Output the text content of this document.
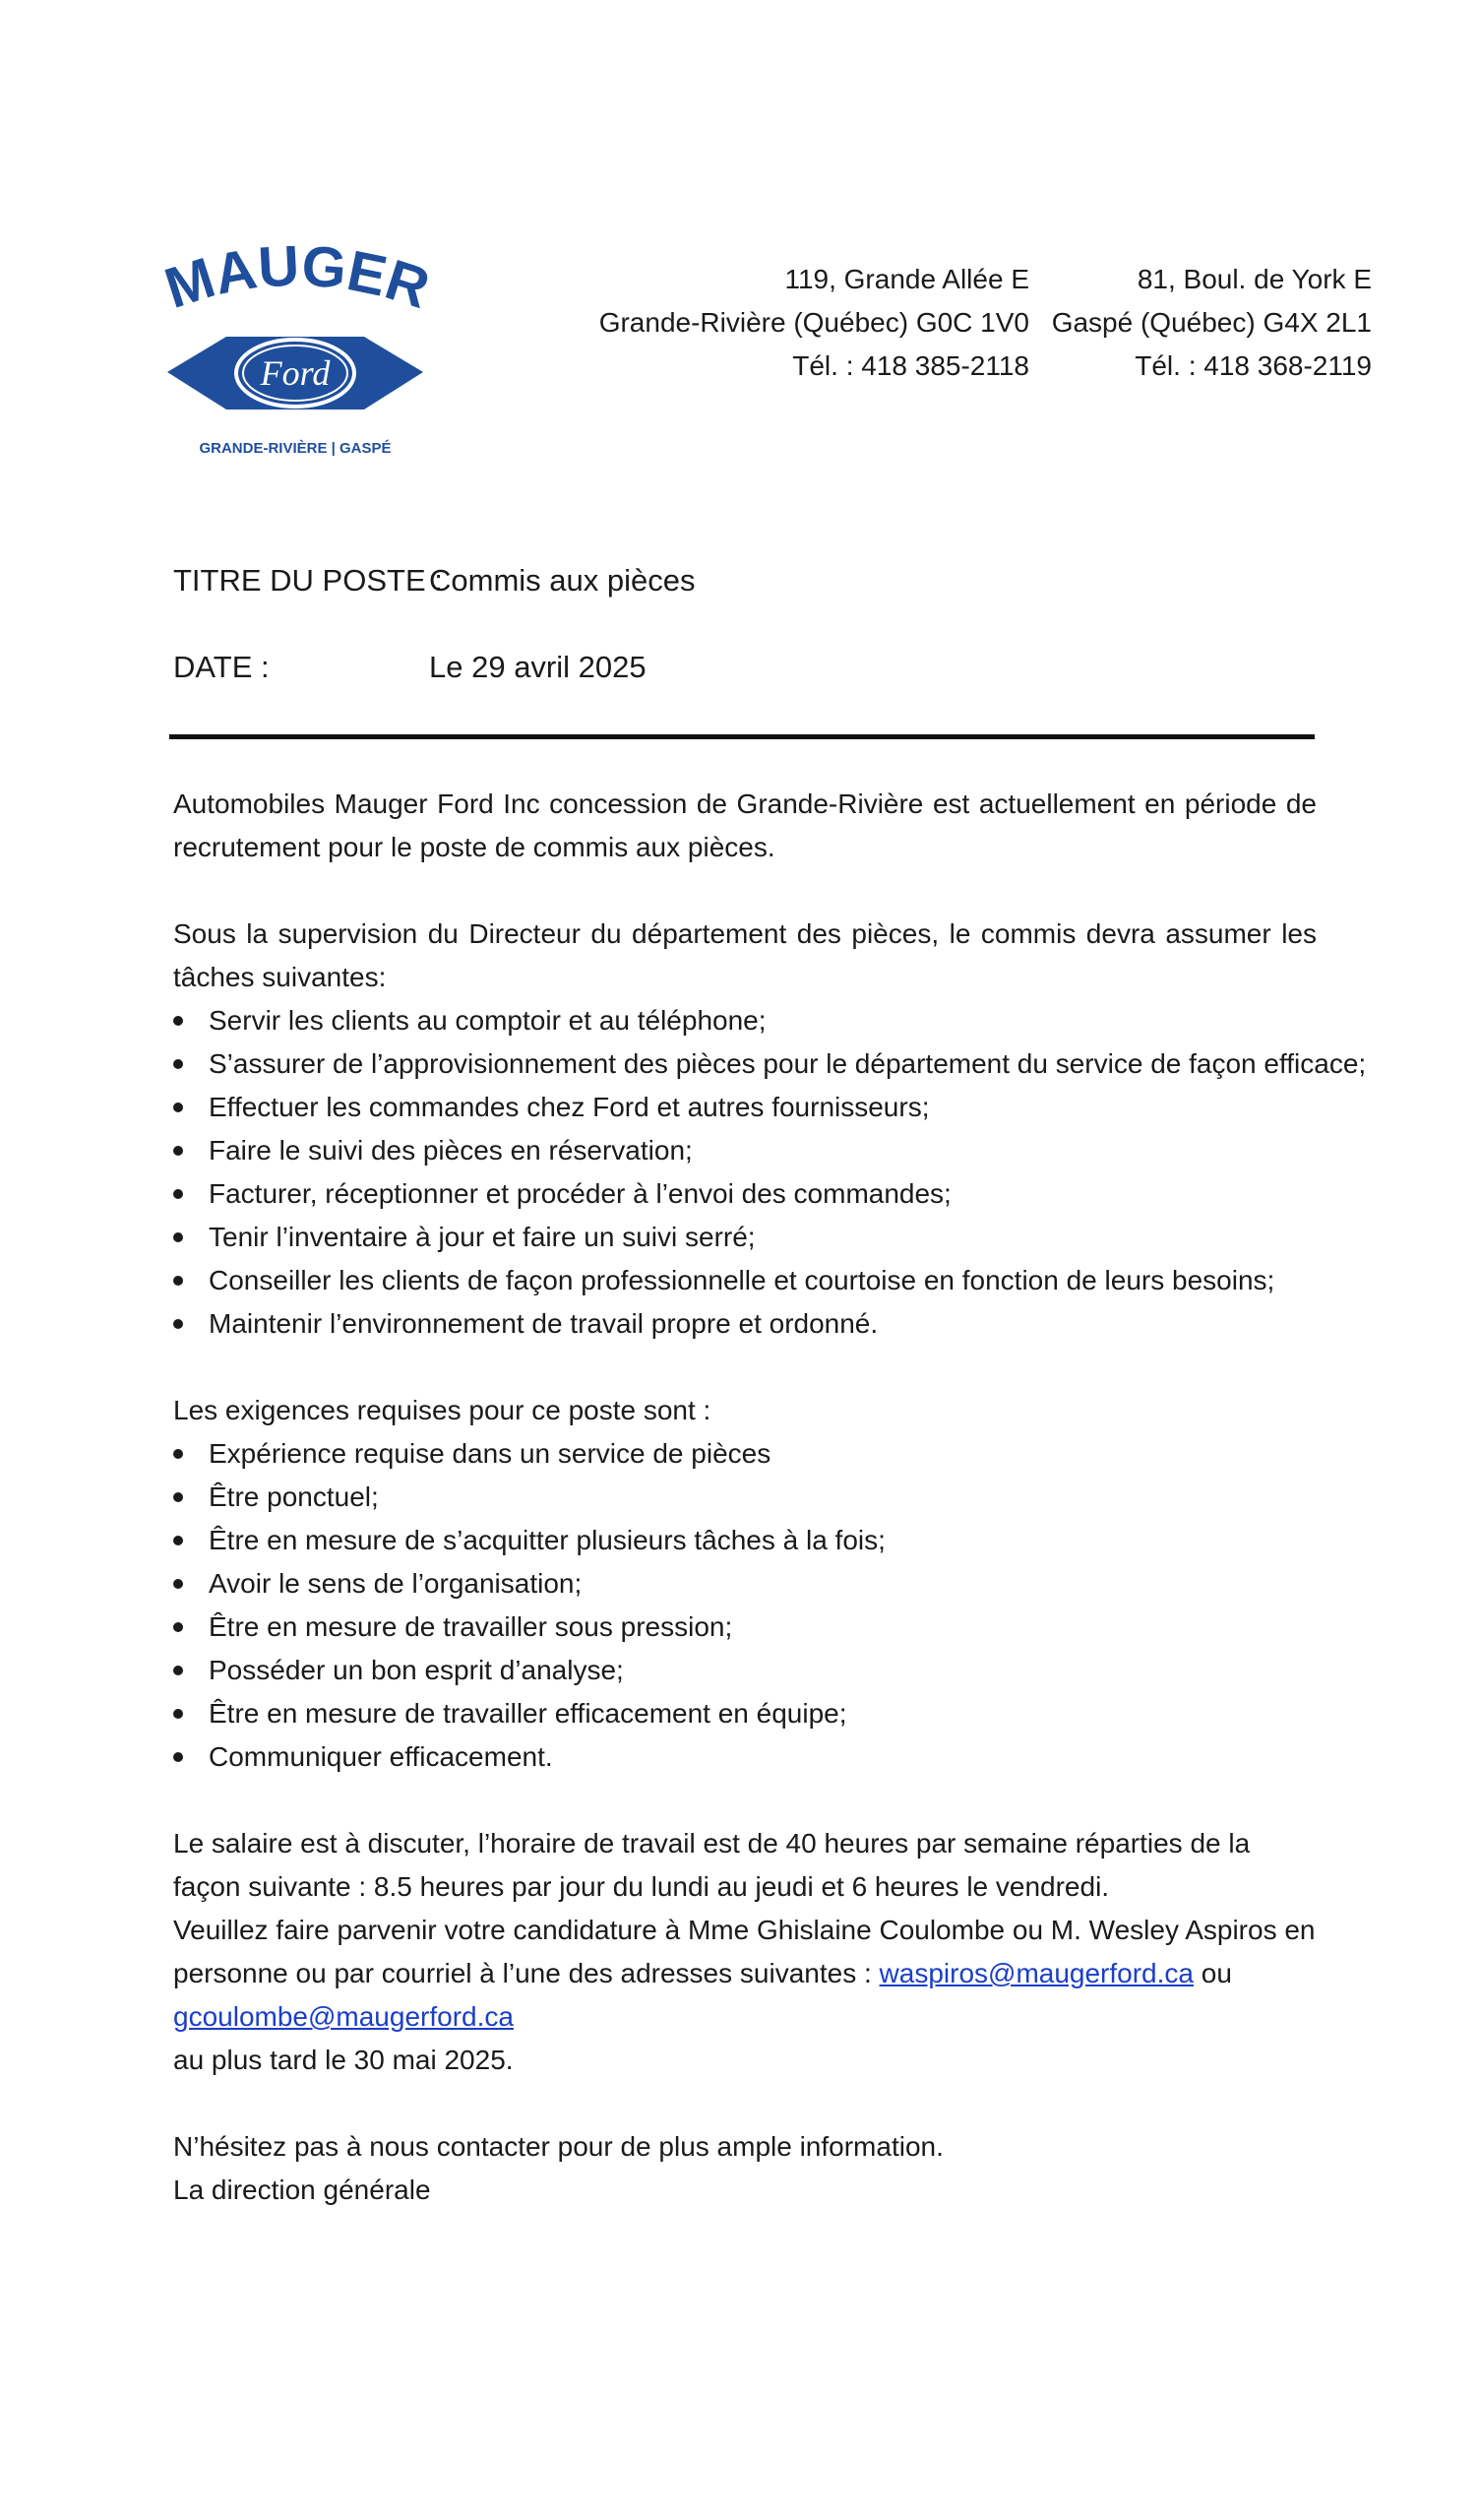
MAUGER
Ford
GRANDE-RIVIÈRE | GASPÉ
119, Grande Allée E
Grande-Rivière (Québec) G0C 1V0
Tél. : 418 385-2118
81, Boul. de York E
Gaspé (Québec) G4X 2L1
Tél. : 418 368-2119
TITRE DU POSTE :
Commis aux pièces
DATE :	Le 29 avril 2025

Automobiles Mauger Ford Inc concession de Grande-Rivière est actuellement en période de recrutement pour le poste de commis aux pièces.

Sous la supervision du Directeur du département des pièces, le commis devra assumer les tâches suivantes:

Servir les clients au comptoir et au téléphone;
S’assurer de l’approvisionnement des pièces pour le département du service de façon efficace;
Effectuer les commandes chez Ford et autres fournisseurs;
Faire le suivi des pièces en réservation;
Facturer, réceptionner et procéder à l’envoi des commandes;
Tenir l’inventaire à jour et faire un suivi serré;
Conseiller les clients de façon professionnelle et courtoise en fonction de leurs besoins;
Maintenir l’environnement de travail propre et ordonné.

Les exigences requises pour ce poste sont :

Expérience requise dans un service de pièces
Être ponctuel;
Être en mesure de s’acquitter plusieurs tâches à la fois;
Avoir le sens de l’organisation;
Être en mesure de travailler sous pression;
Posséder un bon esprit d’analyse;
Être en mesure de travailler efficacement en équipe;
Communiquer efficacement.

Le salaire est à discuter, l’horaire de travail est de 40 heures par semaine réparties de la façon suivante : 8.5 heures par jour du lundi au jeudi et 6 heures le vendredi.

Veuillez faire parvenir votre candidature à Mme Ghislaine Coulombe ou M. Wesley Aspiros en personne ou par courriel à l’une des adresses suivantes : waspiros@maugerford.ca ou gcoulombe@maugerford.ca

au plus tard le 30 mai 2025.

N’hésitez pas à nous contacter pour de plus ample information.

La direction générale
